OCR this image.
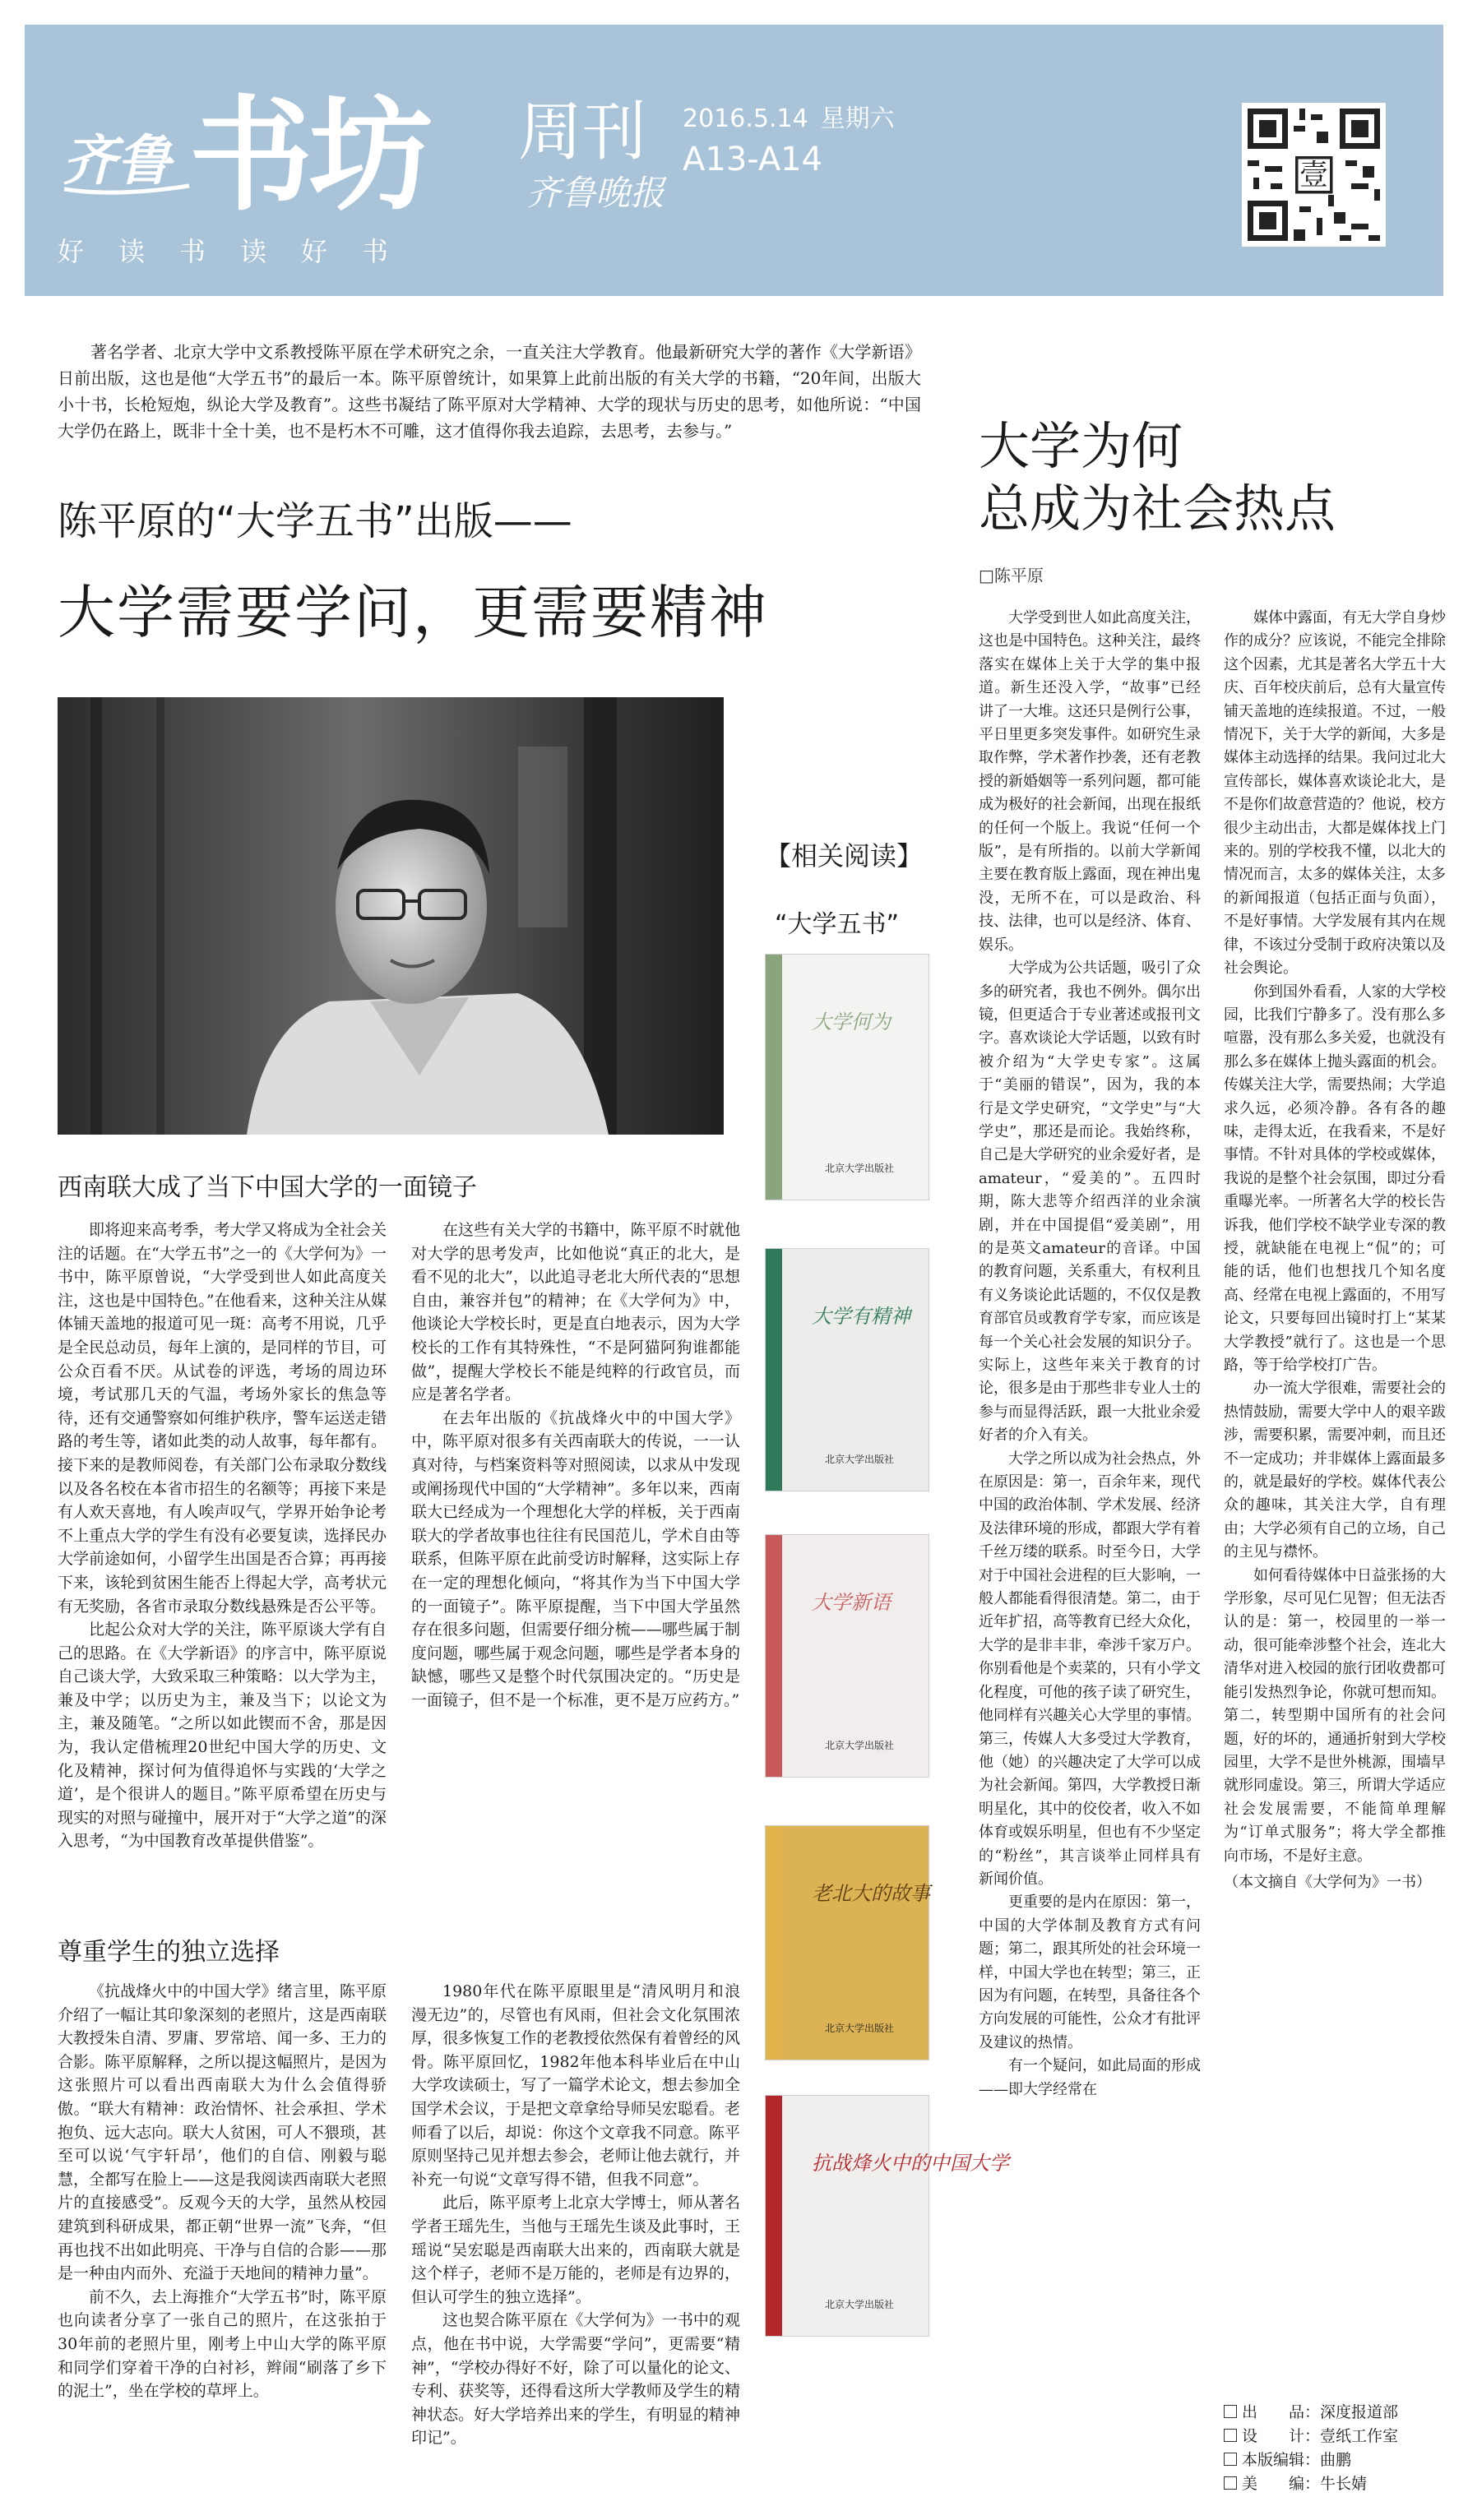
齐鲁 书坊 周刊
齐鲁晚报
2016.5.14  星期六
A13-A14
好读书读好书
壹
著名学者、北京大学中文系教授陈平原在学术研究之余，一直关注大学教育。他最新研究大学的著作《大学新语》日前出版，这也是他“大学五书”的最后一本。陈平原曾统计，如果算上此前出版的有关大学的书籍，“20年间，出版大小十书，长枪短炮，纵论大学及教育”。这些书凝结了陈平原对大学精神、大学的现状与历史的思考，如他所说：“中国大学仍在路上，既非十全十美，也不是朽木不可雕，这才值得你我去追踪，去思考，去参与。”
陈平原的“大学五书”出版——
大学需要学问，更需要精神
西南联大成了当下中国大学的一面镜子

即将迎来高考季，考大学又将成为全社会关注的话题。在“大学五书”之一的《大学何为》一书中，陈平原曾说，“大学受到世人如此高度关注，这也是中国特色。”在他看来，这种关注从媒体铺天盖地的报道可见一斑：高考不用说，几乎是全民总动员，每年上演的，是同样的节目，可公众百看不厌。从试卷的评选，考场的周边环境，考试那几天的气温，考场外家长的焦急等待，还有交通警察如何维护秩序，警车运送走错路的考生等，诸如此类的动人故事，每年都有。接下来的是教师阅卷，有关部门公布录取分数线以及各名校在本省市招生的名额等；再接下来是有人欢天喜地，有人唉声叹气，学界开始争论考不上重点大学的学生有没有必要复读，选择民办大学前途如何，小留学生出国是否合算；再再接下来，该轮到贫困生能否上得起大学，高考状元有无奖励，各省市录取分数线悬殊是否公平等。

比起公众对大学的关注，陈平原谈大学有自己的思路。在《大学新语》的序言中，陈平原说自己谈大学，大致采取三种策略：以大学为主，兼及中学；以历史为主，兼及当下；以论文为主，兼及随笔。“之所以如此锲而不舍，那是因为，我认定借梳理20世纪中国大学的历史、文化及精神，探讨何为值得追怀与实践的‘大学之道’，是个很讲人的题目。”陈平原希望在历史与现实的对照与碰撞中，展开对于“大学之道”的深入思考，“为中国教育改革提供借鉴”。

在这些有关大学的书籍中，陈平原不时就他对大学的思考发声，比如他说“真正的北大，是看不见的北大”，以此追寻老北大所代表的“思想自由，兼容并包”的精神；在《大学何为》中，他谈论大学校长时，更是直白地表示，因为大学校长的工作有其特殊性，“不是阿猫阿狗谁都能做”，提醒大学校长不能是纯粹的行政官员，而应是著名学者。

在去年出版的《抗战烽火中的中国大学》中，陈平原对很多有关西南联大的传说，一一认真对待，与档案资料等对照阅读，以求从中发现或阐扬现代中国的“大学精神”。多年以来，西南联大已经成为一个理想化大学的样板，关于西南联大的学者故事也往往有民国范儿，学术自由等联系，但陈平原在此前受访时解释，这实际上存在一定的理想化倾向，“将其作为当下中国大学的一面镜子”。陈平原提醒，当下中国大学虽然存在很多问题，但需要仔细分梳——哪些属于制度问题，哪些属于观念问题，哪些是学者本身的缺憾，哪些又是整个时代氛围决定的。“历史是一面镜子，但不是一个标准，更不是万应药方。”

尊重学生的独立选择

《抗战烽火中的中国大学》绪言里，陈平原介绍了一幅让其印象深刻的老照片，这是西南联大教授朱自清、罗庸、罗常培、闻一多、王力的合影。陈平原解释，之所以提这幅照片，是因为这张照片可以看出西南联大为什么会值得骄傲。“联大有精神：政治情怀、社会承担、学术抱负、远大志向。联大人贫困，可人不猥琐，甚至可以说‘气宇轩昂’，他们的自信、刚毅与聪慧，全都写在脸上——这是我阅读西南联大老照片的直接感受”。反观今天的大学，虽然从校园建筑到科研成果，都正朝“世界一流”飞奔，“但再也找不出如此明亮、干净与自信的合影——那是一种由内而外、充溢于天地间的精神力量”。

前不久，去上海推介“大学五书”时，陈平原也向读者分享了一张自己的照片，在这张拍于30年前的老照片里，刚考上中山大学的陈平原和同学们穿着干净的白衬衫，辫闹“刷落了乡下的泥土”，坐在学校的草坪上。

1980年代在陈平原眼里是“清风明月和浪漫无边”的，尽管也有风雨，但社会文化氛围浓厚，很多恢复工作的老教授依然保有着曾经的风骨。陈平原回忆，1982年他本科毕业后在中山大学攻读硕士，写了一篇学术论文，想去参加全国学术会议，于是把文章拿给导师吴宏聪看。老师看了以后，却说：你这个文章我不同意。陈平原则坚持己见并想去参会，老师让他去就行，并补充一句说“文章写得不错，但我不同意”。

此后，陈平原考上北京大学博士，师从著名学者王瑶先生，当他与王瑶先生谈及此事时，王瑶说“吴宏聪是西南联大出来的，西南联大就是这个样子，老师不是万能的，老师是有边界的，但认可学生的独立选择”。

这也契合陈平原在《大学何为》一书中的观点，他在书中说，大学需要“学问”，更需要“精神”，“学校办得好不好，除了可以量化的论文、专利、获奖等，还得看这所大学教师及学生的精神状态。好大学培养出来的学生，有明显的精神印记”。

【相关阅读】
“大学五书”
大学何为
北京大学出版社
大学有精神
北京大学出版社
大学新语
北京大学出版社
老北大的故事
北京大学出版社
抗战烽火中的中国大学
北京大学出版社
大学为何
总成为社会热点
□陈平原

大学受到世人如此高度关注，这也是中国特色。这种关注，最终落实在媒体上关于大学的集中报道。新生还没入学，“故事”已经讲了一大堆。这还只是例行公事，平日里更多突发事件。如研究生录取作弊，学术著作抄袭，还有老教授的新婚姻等一系列问题，都可能成为极好的社会新闻，出现在报纸的任何一个版上。我说“任何一个版”，是有所指的。以前大学新闻主要在教育版上露面，现在神出鬼没，无所不在，可以是政治、科技、法律，也可以是经济、体育、娱乐。

大学成为公共话题，吸引了众多的研究者，我也不例外。偶尔出镜，但更适合于专业著述或报刊文字。喜欢谈论大学话题，以致有时被介绍为“大学史专家”。这属于“美丽的错误”，因为，我的本行是文学史研究，“文学史”与“大学史”，那还是而论。我始终称，自己是大学研究的业余爱好者，是amateur，“爱美的”。五四时期，陈大悲等介绍西洋的业余演剧，并在中国提倡“爱美剧”，用的是英文amateur的音译。中国的教育问题，关系重大，有权利且有义务谈论此话题的，不仅仅是教育部官员或教育学专家，而应该是每一个关心社会发展的知识分子。实际上，这些年来关于教育的讨论，很多是由于那些非专业人士的参与而显得活跃，跟一大批业余爱好者的介入有关。

大学之所以成为社会热点，外在原因是：第一，百余年来，现代中国的政治体制、学术发展、经济及法律环境的形成，都跟大学有着千丝万缕的联系。时至今日，大学对于中国社会进程的巨大影响，一般人都能看得很清楚。第二，由于近年扩招，高等教育已经大众化，大学的是非丰非，牵涉千家万户。你别看他是个卖菜的，只有小学文化程度，可他的孩子读了研究生，他同样有兴趣关心大学里的事情。第三，传媒人大多受过大学教育，他（她）的兴趣决定了大学可以成为社会新闻。第四，大学教授日渐明星化，其中的佼佼者，收入不如体育或娱乐明星，但也有不少坚定的“粉丝”，其言谈举止同样具有新闻价值。

更重要的是内在原因：第一，中国的大学体制及教育方式有问题；第二，跟其所处的社会环境一样，中国大学也在转型；第三，正因为有问题，在转型，具备往各个方向发展的可能性，公众才有批评及建议的热情。

有一个疑问，如此局面的形成——即大学经常在

媒体中露面，有无大学自身炒作的成分？应该说，不能完全排除这个因素，尤其是著名大学五十大庆、百年校庆前后，总有大量宣传铺天盖地的连续报道。不过，一般情况下，关于大学的新闻，大多是媒体主动选择的结果。我问过北大宣传部长，媒体喜欢谈论北大，是不是你们故意营造的？他说，校方很少主动出击，大都是媒体找上门来的。别的学校我不懂，以北大的情况而言，太多的媒体关注，太多的新闻报道（包括正面与负面），不是好事情。大学发展有其内在规律，不该过分受制于政府决策以及社会舆论。

你到国外看看，人家的大学校园，比我们宁静多了。没有那么多喧嚣，没有那么多关爱，也就没有那么多在媒体上抛头露面的机会。传媒关注大学，需要热闹；大学追求久远，必须冷静。各有各的趣味，走得太近，在我看来，不是好事情。不针对具体的学校或媒体，我说的是整个社会氛围，即过分看重曝光率。一所著名大学的校长告诉我，他们学校不缺学业专深的教授，就缺能在电视上“侃”的；可能的话，他们也想找几个知名度高、经常在电视上露面的，不用写论文，只要每回出镜时打上“某某大学教授”就行了。这也是一个思路，等于给学校打广告。

办一流大学很难，需要社会的热情鼓励，需要大学中人的艰辛跋涉，需要积累，需要冲刺，而且还不一定成功；并非媒体上露面最多的，就是最好的学校。媒体代表公众的趣味，其关注大学，自有理由；大学必须有自己的立场，自己的主见与襟怀。

如何看待媒体中日益张扬的大学形象，尽可见仁见智；但无法否认的是：第一，校园里的一举一动，很可能牵涉整个社会，连北大清华对进入校园的旅行团收费都可能引发热烈争论，你就可想而知。第二，转型期中国所有的社会问题，好的坏的，通通折射到大学校园里，大学不是世外桃源，围墙早就形同虚设。第三，所谓大学适应社会发展需要，不能简单理解为“订单式服务”；将大学全都推向市场，不是好主意。

（本文摘自《大学何为》一书）

出　　品：深度报道部
设　　计：壹纸工作室
本版编辑：曲鹏
美　　编：牛长婧
